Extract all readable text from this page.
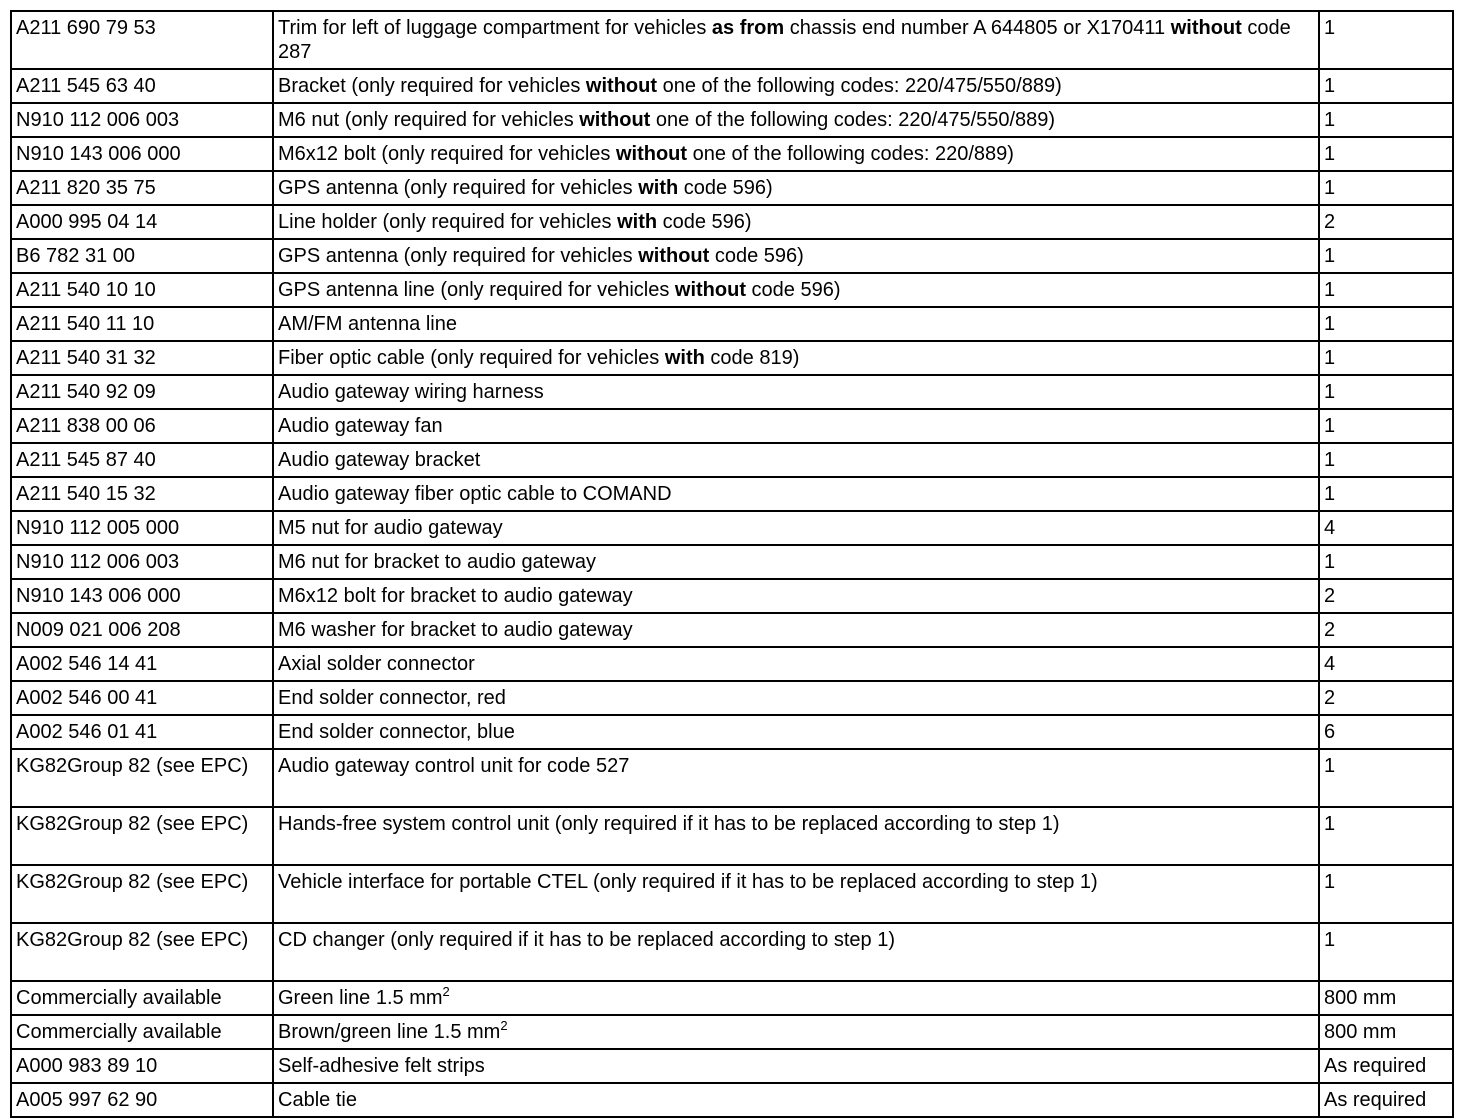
A211 690 79 53	Trim for left of luggage compartment for vehicles as from chassis end number A 644805 or X170411 without code 287	1
A211 545 63 40	Bracket (only required for vehicles without one of the following codes: 220/475/550/889)	1
N910 112 006 003	M6 nut (only required for vehicles without one of the following codes: 220/475/550/889)	1
N910 143 006 000	M6x12 bolt (only required for vehicles without one of the following codes: 220/889)	1
A211 820 35 75	GPS antenna (only required for vehicles with code 596)	1
A000 995 04 14	Line holder (only required for vehicles with code 596)	2
B6 782 31 00	GPS antenna (only required for vehicles without code 596)	1
A211 540 10 10	GPS antenna line (only required for vehicles without code 596)	1
A211 540 11 10	AM/FM antenna line	1
A211 540 31 32	Fiber optic cable (only required for vehicles with code 819)	1
A211 540 92 09	Audio gateway wiring harness	1
A211 838 00 06	Audio gateway fan	1
A211 545 87 40	Audio gateway bracket	1
A211 540 15 32	Audio gateway fiber optic cable to COMAND	1
N910 112 005 000	M5 nut for audio gateway	4
N910 112 006 003	M6 nut for bracket to audio gateway	1
N910 143 006 000	M6x12 bolt for bracket to audio gateway	2
N009 021 006 208	M6 washer for bracket to audio gateway	2
A002 546 14 41	Axial solder connector	4
A002 546 00 41	End solder connector, red	2
A002 546 01 41	End solder connector, blue	6
KG82Group 82 (see EPC)	Audio gateway control unit for code 527	1
KG82Group 82 (see EPC)	Hands-free system control unit (only required if it has to be replaced according to step 1)	1
KG82Group 82 (see EPC)	Vehicle interface for portable CTEL (only required if it has to be replaced according to step 1)	1
KG82Group 82 (see EPC)	CD changer (only required if it has to be replaced according to step 1)	1
Commercially available	Green line 1.5 $mm^2$	800 mm
Commercially available	Brown/green line 1.5 $mm^2$	800 mm
A000 983 89 10	Self-adhesive felt strips	As required
A005 997 62 90	Cable tie	As required
